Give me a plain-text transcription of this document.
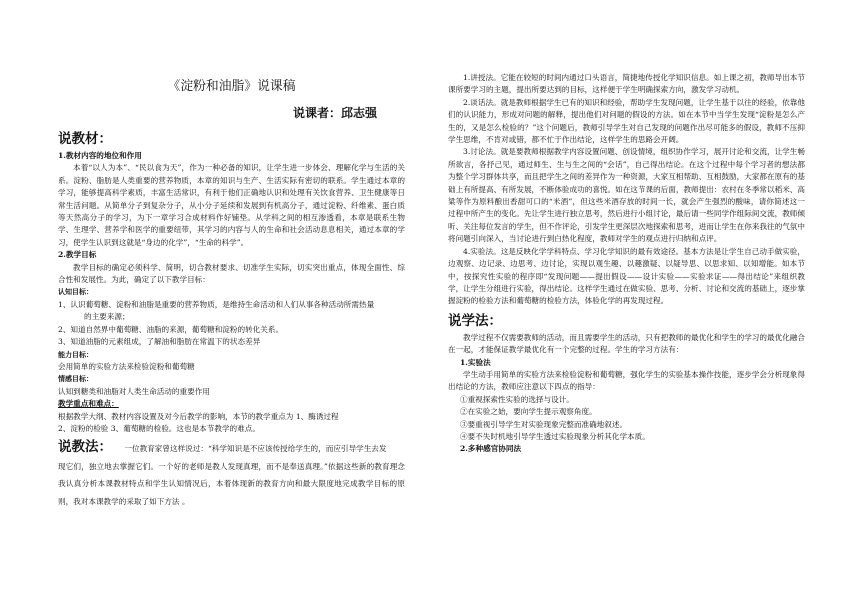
《淀粉和油脂》说课稿
说课者：邱志强
说教材：
1.教材内容的地位和作用
本着“以人为本”、“民以食为天”，作为一种必备的知识，让学生进一步体会、理解化学与生活的关系。淀粉、脂肪是人类重要的营养物质，本章的知识与生产、生活实际有密切的联系。学生通过本章的学习，能够提高科学素质，丰富生活常识，有利于他们正确地认识和处理有关饮食营养、卫生健康等日常生活问题。从简单分子到复杂分子，从小分子延续和发展到有机高分子，通过淀粉、纤维素、蛋白质等天然高分子的学习，为下一章学习合成材料作好铺垫。从学科之间的相互渗透看，本章是联系生物学、生理学、营养学和医学的重要纽带，其学习的内容与人的生命和社会活动息息相关，通过本章的学习，使学生认识到这就是“身边的化学”，“生命的科学”。
2.教学目标
教学目标的确定必须科学、简明，切合教材要求、切准学生实际，切实突出重点，体现全面性、综合性和发展性。为此，确定了以下教学目标：
认知目标：
1、认识葡萄糖、淀粉和油脂是重要的营养物质，是维持生命活动和人们从事各种活动所需热量
的主要来源；
2、知道自然界中葡萄糖、油脂的来源，葡萄糖和淀粉的转化关系。
3、知道油脂的元素组成，了解油和脂肪在常温下的状态差异
能力目标：
会用简单的实验方法来检验淀粉和葡萄糖
情感目标：
认知到糖类和油脂对人类生命活动的重要作用
教学重点和难点：
根据教学大纲、教材内容设置及对今后教学的影响，本节的教学重点为 1、酶诱过程
2、淀粉的检验 3、葡萄糖的检验。这也是本节教学的难点。
说教法： 一位教育家曾这样说过：“科学知识是不应该传授给学生的，而应引导学生去发
现它们，独立地去掌握它们。一个好的老师是教人发现真理，而不是奉送真理。”依据这些新的教育理念我认真分析本课教材特点和学生认知情况后，本着体现新的教育方向和最大限度地完成教学目标的原则，我对本课教学的采取了如下方法 。
1.讲授法。它能在较短的时间内通过口头语言，简捷地传授化学知识信息。如上课之初，教师导出本节课所要学习的主题，提出所要达到的目标，这样便于学生明确探索方向，激发学习动机。
2.谈话法。就是教师根据学生已有的知识和经验，帮助学生发现问题，让学生基于以往的经验，依靠他们的认识能力，形成对问题的解释，提出他们对问题的假设的方法。如在本节中当学生发现“淀粉是怎么产生的，又是怎么检验的？”这个问题后，教师引导学生对自己发现的问题作出尽可能多的假设，教师不压抑学生思维，不肯对或错，都不忙于作出结论，这样学生的思路会开阔。
3.讨论法。就是要教师根据教学内容设置问题、创设情境，组织协作学习，展开讨论和交流，让学生畅所欲言，各抒己见，通过师生、生与生之间的“会话”，自己得出结论。在这个过程中每个学习者的想法都为整个学习群体共享，而且把学生之间的差异作为一种资源，大家互相帮助、互相鼓励，大家都在原有的基础上有所提高、有所发展，不断体验成功的喜悦。如在这节课的后面，教师提出：农村在冬季常以稻米、高粱等作为原料酿出香甜可口的“米酒”，但这些米酒存放的时间一长，就会产生强烈的酸味，请你简述这一过程中所产生的变化。先让学生进行独立思考，然后进行小组讨论，最后请一些同学作组际间交流，教师倾听、关注每位发言的学生，但不作评论，引发学生更深层次地探索和思考，进而让学生在你来我往的气氛中将问题引向深入，当讨论进行到白热化程度，教师对学生的观点进行归纳和点评。
4.实验法。这是反映化学学科特点、学习化学知识的最有效途径。基本方法是让学生自己动手做实验，边观察、边记录、边思考、边讨论，实现以观生趣、以趣激疑、以疑导思、以思求知、以知增能。如本节中，按探究性实验的程序即“发现问题——提出假设——设计实验——实验求证——得出结论”来组织教学，让学生分组进行实验，得出结论。这样学生通过在做实验、思考、分析、讨论和交流的基础上，逐步掌握淀粉的检验方法和葡萄糖的检验方法，体验化学的再发现过程。
说学法：
教学过程不仅需要教师的活动，而且需要学生的活动，只有把教师的最优化和学生的学习的最优化融合在一起，才能保证教学最优化有一个完整的过程。学生的学习方法有：
1.实验法
学生动手用简单的实验方法来检验淀粉和葡萄糖，强化学生的实验基本操作技能，逐步学会分析现象得出结论的方法，教师应注意以下四点的指导：
①重视探索性实验的选择与设计。
②在实验之始，要向学生提示观察角度。
③要重视引导学生对实验现象完整而准确地叙述。
④要不失时机地引导学生透过实验现象分析其化学本质。
2.多种感官协同法
